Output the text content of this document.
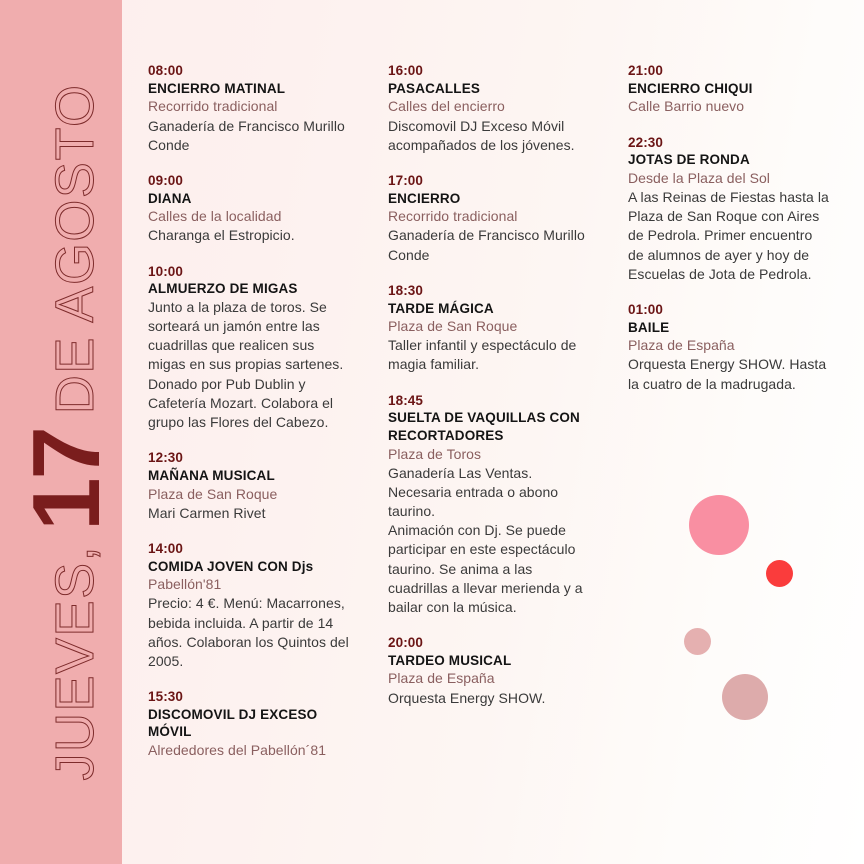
JUEVES,
17
DE AGOSTO
08:00
ENCIERRO MATINAL
Recorrido tradicional
Ganadería de Francisco Murillo Conde
09:00
DIANA
Calles de la localidad
Charanga el Estropicio.
10:00
ALMUERZO DE MIGAS
Junto a la plaza de toros. Se sorteará un jamón entre las cuadrillas que realicen sus migas en sus propias sartenes. Donado por Pub Dublin y Cafetería Mozart. Colabora el grupo las Flores del Cabezo.
12:30
MAÑANA MUSICAL
Plaza de San Roque
Mari Carmen Rivet
14:00
COMIDA JOVEN CON Djs
Pabellón'81
Precio: 4 €. Menú: Macarrones, bebida incluida. A partir de 14 años. Colaboran los Quintos del 2005.
15:30
DISCOMOVIL DJ EXCESO MÓVIL
Alrededores del Pabellón´81
16:00
PASACALLES
Calles del encierro
Discomovil DJ Exceso Móvil acompañados de los jóvenes.
17:00
ENCIERRO
Recorrido tradicional
Ganadería de Francisco Murillo Conde
18:30
TARDE MÁGICA
Plaza de San Roque
Taller infantil y espectáculo de magia familiar.
18:45
SUELTA DE VAQUILLAS CON RECORTADORES
Plaza de Toros
Ganadería Las Ventas. Necesaria entrada o abono taurino.
Animación con Dj. Se puede participar en este espectáculo taurino. Se anima a las cuadrillas a llevar merienda y a bailar con la música.
20:00
TARDEO MUSICAL
Plaza de España
Orquesta Energy SHOW.
21:00
ENCIERRO CHIQUI
Calle Barrio nuevo
22:30
JOTAS DE RONDA
Desde la Plaza del Sol
A las Reinas de Fiestas hasta la Plaza de San Roque con Aires de Pedrola. Primer encuentro de alumnos de ayer y hoy de Escuelas de Jota de Pedrola.
01:00
BAILE
Plaza de España
Orquesta Energy SHOW. Hasta la cuatro de la madrugada.
